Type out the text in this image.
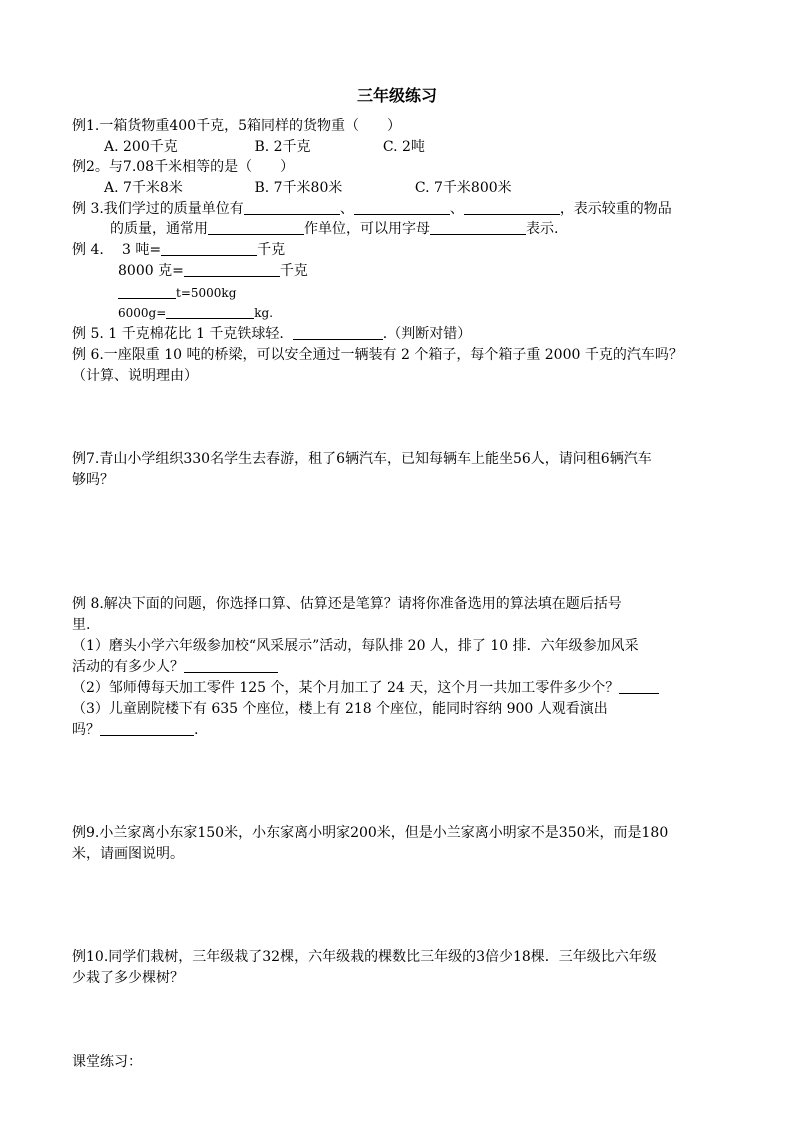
三年级练习
例1.一箱货物重400千克，5箱同样的货物重（　　）
A. 200千克	B. 2千克	C. 2吨
例2。与7.08千米相等的是（　　）
A. 7千米8米	B. 7千米80米	C. 7千米800米
例 3.我们学过的质量单位有	、	、	，表示较重的物品
的质量，通常用	作单位，可以用字母	表示.
例 4. 3 吨=	千克
8000 克=	千克
t=5000kg
6000g=	kg.
例 5. 1 千克棉花比 1 千克铁球轻.	.（判断对错）
例 6.一座限重 10 吨的桥梁，可以安全通过一辆装有 2 个箱子，每个箱子重 2000 千克的汽车吗？
（计算、说明理由）
例7.青山小学组织330名学生去春游，租了6辆汽车，已知每辆车上能坐56人，请问租6辆汽车
够吗？
例 8.解决下面的问题，你选择口算、估算还是笔算？请将你准备选用的算法填在题后括号
里.
（1）磨头小学六年级参加校“风采展示”活动，每队排 20 人，排了 10 排．六年级参加风采
活动的有多少人？
（2）邹师傅每天加工零件 125 个，某个月加工了 24 天，这个月一共加工零件多少个？
（3）儿童剧院楼下有 635 个座位，楼上有 218 个座位，能同时容纳 900 人观看演出
吗？	.
例9.小兰家离小东家150米，小东家离小明家200米，但是小兰家离小明家不是350米，而是180
米，请画图说明。
例10.同学们栽树，三年级栽了32棵，六年级栽的棵数比三年级的3倍少18棵．三年级比六年级
少栽了多少棵树？
课堂练习：
